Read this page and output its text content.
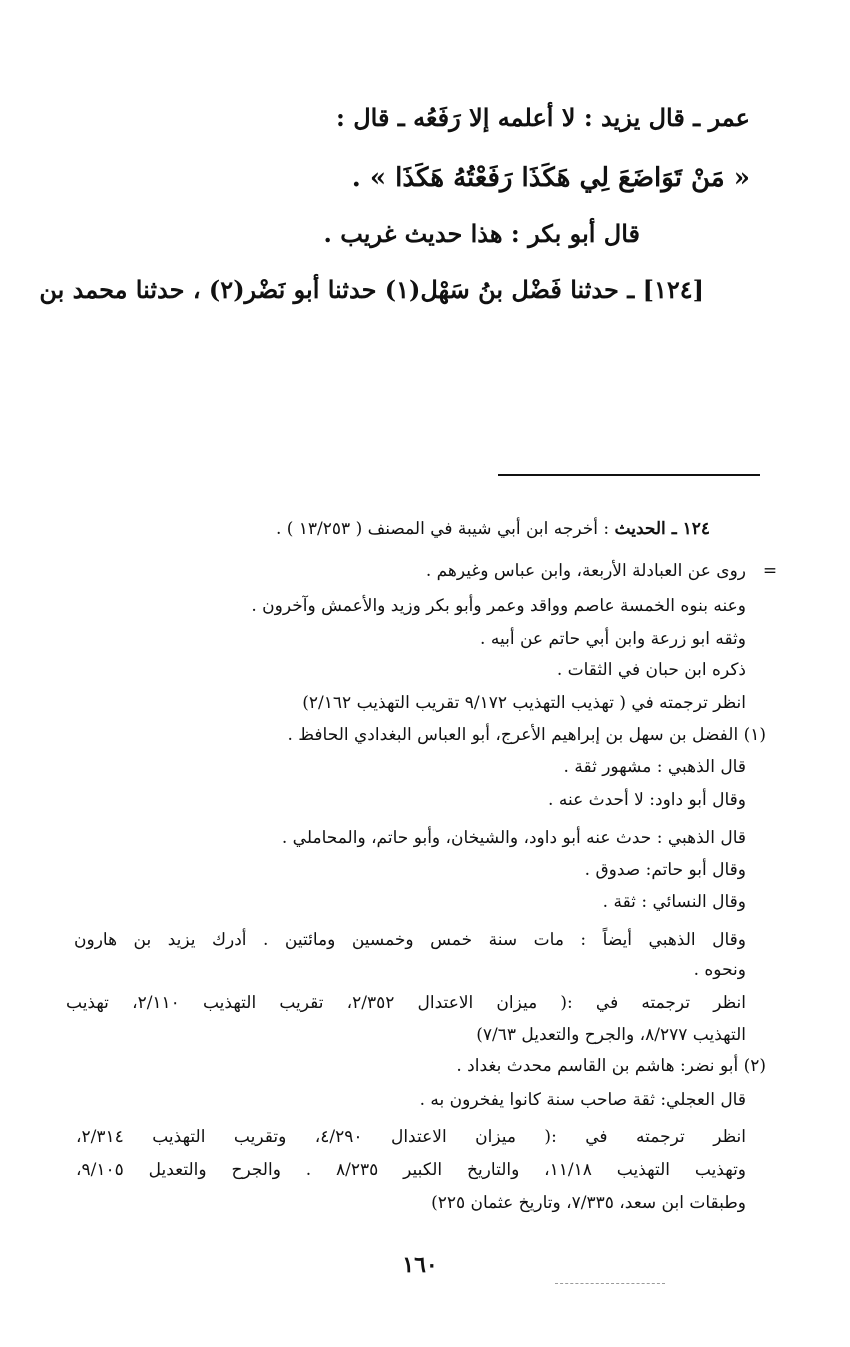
عمر ـ قال يزيد : لا أعلمه إلا رَفَعُه ـ قال :
« مَنْ تَوَاضَعَ لِي هَكَذَا رَفَعْتُهُ هَكَذَا » .
قال أبو بكر : هذا حديث غريب .
[١٢٤] ـ حدثنا فَضْل بنُ سَهْل(١) حدثنا أبو نَضْر(٢) ، حدثنا محمد بن
١٢٤ ـ الحديث : أخرجه ابن أبي شيبة في المصنف ( ١٣/٢٥٣ ) .
=
روى عن العبادلة الأربعة، وابن عباس وغيرهم .
وعنه بنوه الخمسة عاصم وواقد وعمر وأبو بكر وزيد والأعمش وآخرون .
وثقه ابو زرعة وابن أبي حاتم عن أبيه .
ذكره ابن حبان في الثقات .
انظر ترجمته في ( تهذيب التهذيب ٩/١٧٢ تقريب التهذيب ٢/١٦٢)
(١) الفضل بن سهل بن إبراهيم الأعرج، أبو العباس البغدادي الحافظ .
قال الذهبي : مشهور ثقة .
وقال أبو داود: لا أحدث عنه .
قال الذهبي : حدث عنه أبو داود، والشيخان، وأبو حاتم، والمحاملي .
وقال أبو حاتم: صدوق .
وقال النسائي : ثقة .
وقال الذهبي أيضاً : مات سنة خمس وخمسين ومائتين . أدرك يزيد بن هارون
ونحوه .
انظر ترجمته في :( ميزان الاعتدال ٢/٣٥٢، تقريب التهذيب ٢/١١٠، تهذيب
التهذيب ٨/٢٧٧، والجرح والتعديل ٧/٦٣)
(٢) أبو نضر: هاشم بن القاسم محدث بغداد .
قال العجلي: ثقة صاحب سنة كانوا يفخرون به .
انظر ترجمته في :( ميزان الاعتدال ٤/٢٩٠، وتقريب التهذيب ٢/٣١٤،
وتهذيب التهذيب ١١/١٨، والتاريخ الكبير ٨/٢٣٥ . والجرح والتعديل ٩/١٠٥،
وطبقات ابن سعد، ٧/٣٣٥، وتاريخ عثمان ٢٢٥)
١٦٠
